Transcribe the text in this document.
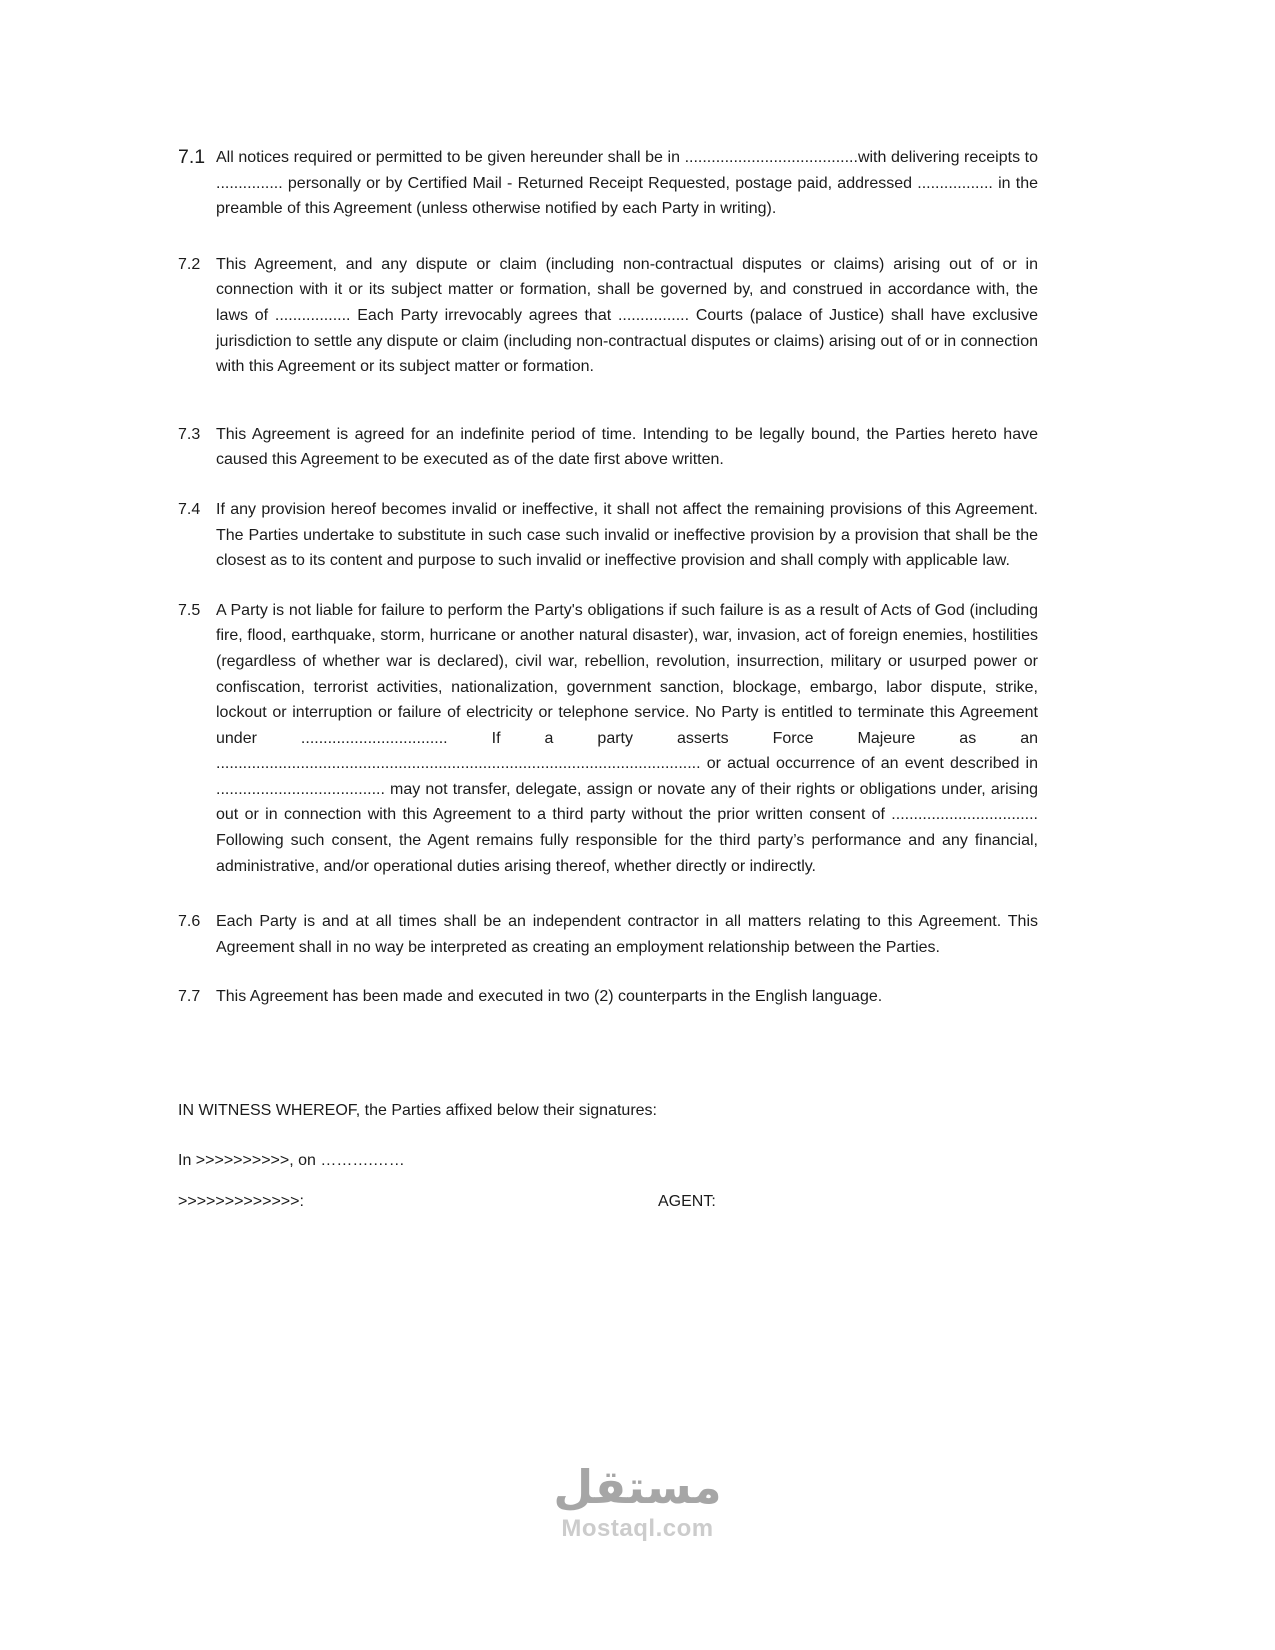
7.1 All notices required or permitted to be given hereunder shall be in .......................................with delivering receipts to ............... personally or by Certified Mail - Returned Receipt Requested, postage paid, addressed ................. in the preamble of this Agreement (unless otherwise notified by each Party in writing).

7.2 This Agreement, and any dispute or claim (including non-contractual disputes or claims) arising out of or in connection with it or its subject matter or formation, shall be governed by, and construed in accordance with, the laws of ................. Each Party irrevocably agrees that ................ Courts (palace of Justice) shall have exclusive jurisdiction to settle any dispute or claim (including non-contractual disputes or claims) arising out of or in connection with this Agreement or its subject matter or formation.

7.3 This Agreement is agreed for an indefinite period of time. Intending to be legally bound, the Parties hereto have caused this Agreement to be executed as of the date first above written.

7.4 If any provision hereof becomes invalid or ineffective, it shall not affect the remaining provisions of this Agreement. The Parties undertake to substitute in such case such invalid or ineffective provision by a provision that shall be the closest as to its content and purpose to such invalid or ineffective provision and shall comply with applicable law.

7.5 A Party is not liable for failure to perform the Party's obligations if such failure is as a result of Acts of God (including fire, flood, earthquake, storm, hurricane or another natural disaster), war, invasion, act of foreign enemies, hostilities (regardless of whether war is declared), civil war, rebellion, revolution, insurrection, military or usurped power or confiscation, terrorist activities, nationalization, government sanction, blockage, embargo, labor dispute, strike, lockout or interruption or failure of electricity or telephone service. No Party is entitled to terminate this Agreement under ................................. If a party asserts Force Majeure as an ............................................................................................................. or actual occurrence of an event described in ...................................... may not transfer, delegate, assign or novate any of their rights or obligations under, arising out or in connection with this Agreement to a third party without the prior written consent of ................................. Following such consent, the Agent remains fully responsible for the third party’s performance and any financial, administrative, and/or operational duties arising thereof, whether directly or indirectly.

7.6 Each Party is and at all times shall be an independent contractor in all matters relating to this Agreement. This Agreement shall in no way be interpreted as creating an employment relationship between the Parties.

7.7 This Agreement has been made and executed in two (2) counterparts in the English language.

IN WITNESS WHEREOF, the Parties affixed below their signatures:
In >>>>>>>>>>, on ……….……
>>>>>>>>>>>>>:	AGENT:
مستقل
Mostaql.com
